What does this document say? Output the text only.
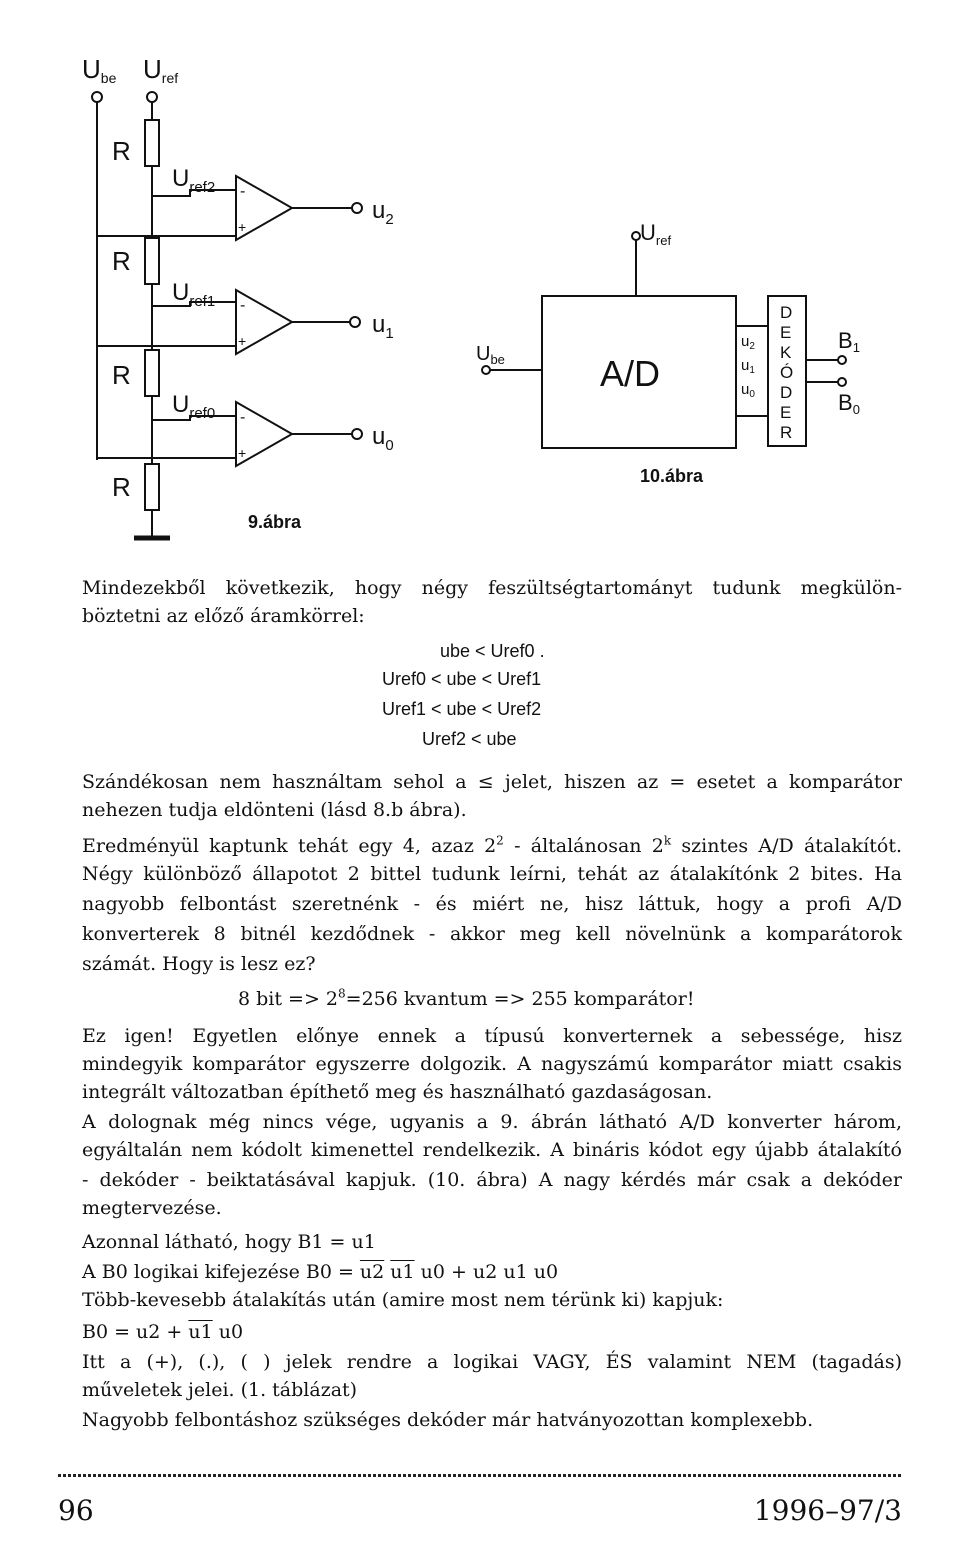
Ube Uref
R
R
R
R
$U_{ref2}$
$U_{ref1}$
$U_{ref0}$
-
+
-
+
-
+
$u_2$
$u_1$
$u_0$
9.ábra
$U_{ref}$
$U_{be}$	A/D
$u_2$
$u_1$
$u_0$
D
E
K
Ó
D
E
R
B1
B0
10.ábra

Mindezekből következik, hogy négy feszültségtartományt tudunk megkülön-

böztetni az előző áramkörrel:

ube < Uref0 .

Uref0 < ube < Uref1

Uref1 < ube < Uref2

Uref2 < ube

Szándékosan nem használtam sehol a ≤ jelet, hiszen az = esetet a komparátor

nehezen tudja eldönteni (lásd 8.b ábra).

Eredményül kaptunk tehát egy 4, azaz $2^2$ - általánosan 2$^k$ szintes A/D átalakítót.

Négy különböző állapotot 2 bittel tudunk leírni, tehát az átalakítónk 2 bites. Ha

nagyobb felbontást szeretnénk - és miért ne, hisz láttuk, hogy a profi A/D

konverterek 8 bitnél kezdődnek - akkor meg kell növelnünk a komparátorok

számát. Hogy is lesz ez?

8 bit => $2^8=256$ kvantum => 255 komparátor!

Ez igen! Egyetlen előnye ennek a típusú konverternek a sebessége, hisz

mindegyik komparátor egyszerre dolgozik. A nagyszámú komparátor miatt csakis

integrált változatban építhető meg és használható gazdaságosan.

A dolognak még nincs vége, ugyanis a 9. ábrán látható A/D konverter három,

egyáltalán nem kódolt kimenettel rendelkezik. A bináris kódot egy újabb átalakító

- dekóder - beiktatásával kapjuk. (10. ábra) A nagy kérdés már csak a dekóder

megtervezése.

Azonnal látható, hogy B1 = u1

A B0 logikai kifejezése B0 = u2 u1 u0 + u2 u1 u0

Több-kevesebb átalakítás után (amire most nem térünk ki) kapjuk:

B0 = u2 + u1 u0

Itt a (+), (.), ( ) jelek rendre a logikai VAGY, ÉS valamint NEM (tagadás)

műveletek jelei. (1. táblázat)

Nagyobb felbontáshoz szükséges dekóder már hatványozottan komplexebb.

96	1996–97/3
